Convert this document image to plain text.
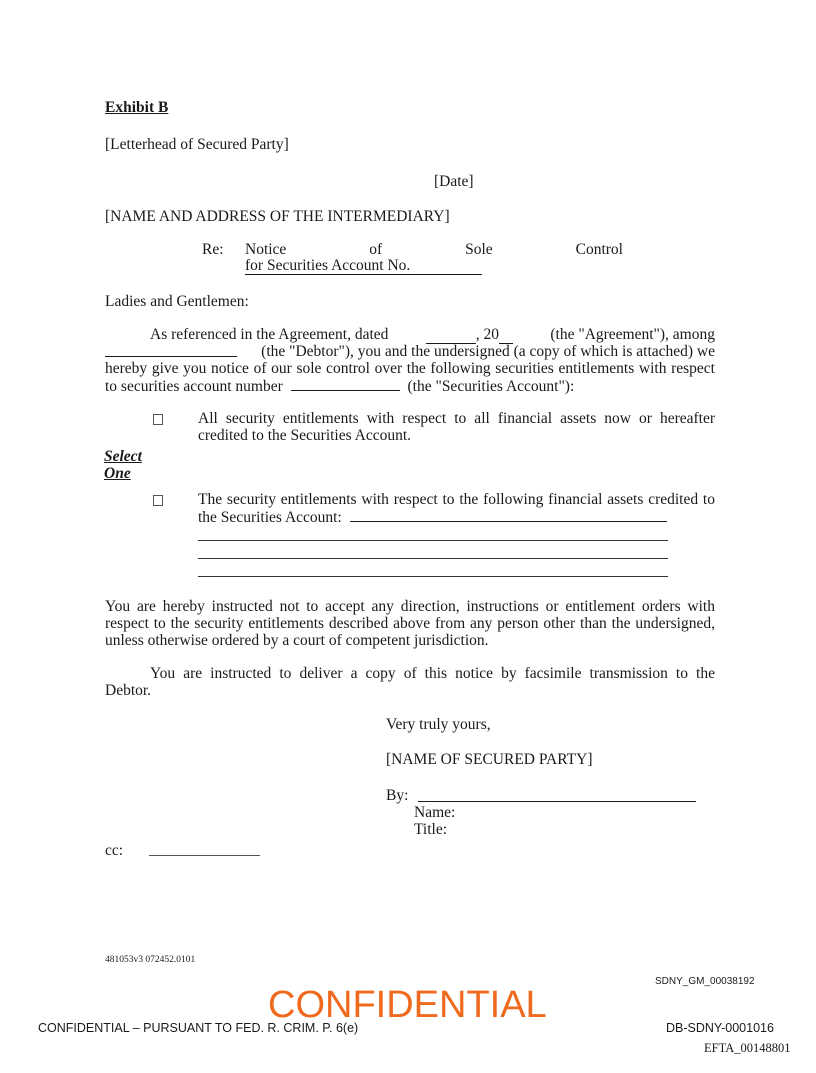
Exhibit B
[Letterhead of Secured Party]
[Date]
[NAME AND ADDRESS OF THE INTERMEDIARY]
Re: Notice	of	Sole	Control
for Securities Account No.
Ladies and Gentlemen:
As referenced in the Agreement, dated	, 20	(the "Agreement"), among
(the "Debtor"), you and the undersigned (a copy of which is attached) we
hereby give you notice of our sole control over the following securities entitlements with respect
to securities account number	(the "Securities Account"):
All security entitlements with respect to all financial assets now or hereafter
credited to the Securities Account.
Select
One
The security entitlements with respect to the following financial assets credited to
the Securities Account:
You are hereby instructed not to accept any direction, instructions or entitlement orders with
respect to the security entitlements described above from any person other than the undersigned,
unless otherwise ordered by a court of competent jurisdiction.
You are instructed to deliver a copy of this notice by facsimile transmission to the
Debtor.
Very truly yours,
[NAME OF SECURED PARTY]
By:
Name:
Title:
cc:
481053v3 072452.0101
SDNY_GM_00038192
CONFIDENTIAL
CONFIDENTIAL – PURSUANT TO FED. R. CRIM. P. 6(e)	DB-SDNY-0001016
EFTA_00148801
